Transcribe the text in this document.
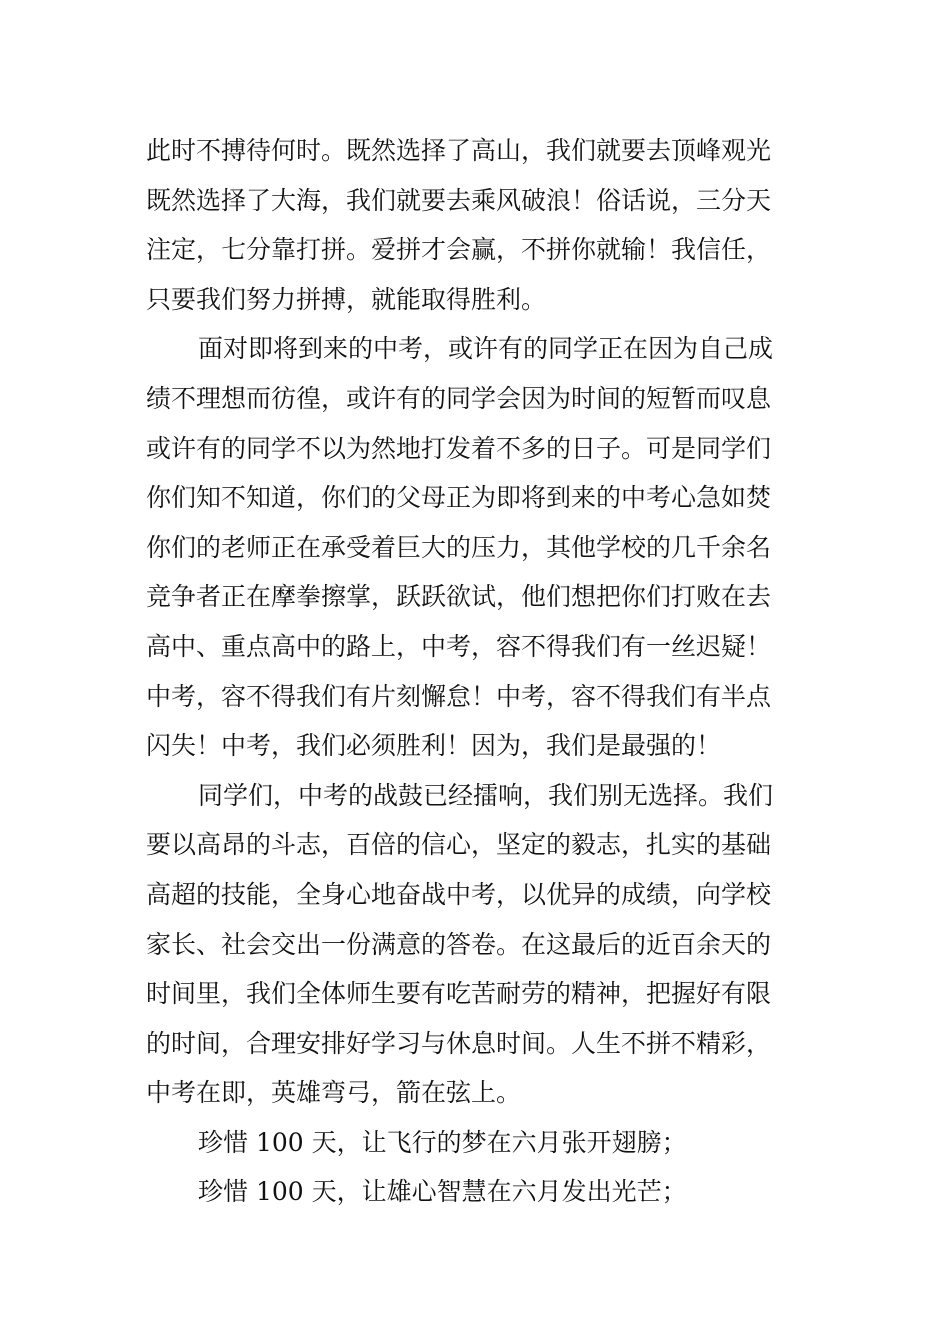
此时不搏待何时。既然选择了高山，我们就要去顶峰观光
既然选择了大海，我们就要去乘风破浪！俗话说，三分天
注定，七分靠打拼。爱拼才会赢，不拼你就输！我信任，
只要我们努力拼搏，就能取得胜利。
面对即将到来的中考，或许有的同学正在因为自己成
绩不理想而彷徨，或许有的同学会因为时间的短暂而叹息
或许有的同学不以为然地打发着不多的日子。可是同学们
你们知不知道，你们的父母正为即将到来的中考心急如焚
你们的老师正在承受着巨大的压力，其他学校的几千余名
竞争者正在摩拳擦掌，跃跃欲试，他们想把你们打败在去
高中、重点高中的路上，中考，容不得我们有一丝迟疑！
中考，容不得我们有片刻懈怠！中考，容不得我们有半点
闪失！中考，我们必须胜利！因为，我们是最强的！
同学们，中考的战鼓已经擂响，我们别无选择。我们
要以高昂的斗志，百倍的信心，坚定的毅志，扎实的基础
高超的技能，全身心地奋战中考，以优异的成绩，向学校
家长、社会交出一份满意的答卷。在这最后的近百余天的
时间里，我们全体师生要有吃苦耐劳的精神，把握好有限
的时间，合理安排好学习与休息时间。人生不拼不精彩，
中考在即，英雄弯弓，箭在弦上。
珍惜 100 天，让飞行的梦在六月张开翅膀；
珍惜 100 天，让雄心智慧在六月发出光芒；
